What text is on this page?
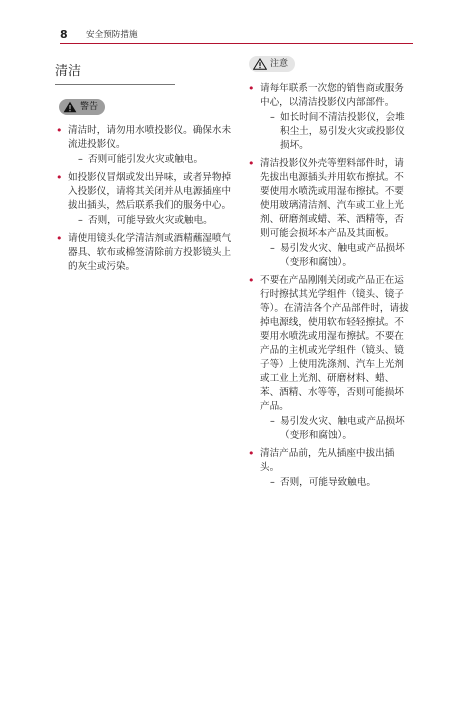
8 安全预防措施
清洁
警告
• 清洁时，请勿用水喷投影仪。确保水未流进投影仪。
– 否则可能引发火灾或触电。
• 如投影仪冒烟或发出异味，或者异物掉入投影仪，请将其关闭并从电源插座中拔出插头，然后联系我们的服务中心。
– 否则，可能导致火灾或触电。
• 请使用镜头化学清洁剂或酒精蘸湿喷气器具、软布或棉签清除前方投影镜头上的灰尘或污染。
注意
• 请每年联系一次您的销售商或服务中心，以清洁投影仪内部部件。
– 如长时间不清洁投影仪，会堆积尘土，易引发火灾或投影仪损坏。
• 清洁投影仪外壳等塑料部件时，请先拔出电源插头并用软布擦拭。不要使用水喷洗或用湿布擦拭。不要使用玻璃清洁剂、汽车或工业上光剂、研磨剂或蜡、苯、酒精等，否则可能会损坏本产品及其面板。
– 易引发火灾、触电或产品损坏（变形和腐蚀）。
• 不要在产品刚刚关闭或产品正在运行时擦拭其光学组件（镜头、镜子等）。在清洁各个产品部件时，请拔掉电源线，使用软布轻轻擦拭。不要用水喷洗或用湿布擦拭。不要在产品的主机或光学组件（镜头、镜子等）上使用洗涤剂、汽车上光剂或工业上光剂、研磨材料、蜡、苯、酒精、水等等，否则可能损坏产品。
– 易引发火灾、触电或产品损坏（变形和腐蚀）。
• 清洁产品前，先从插座中拔出插头。
– 否则，可能导致触电。
